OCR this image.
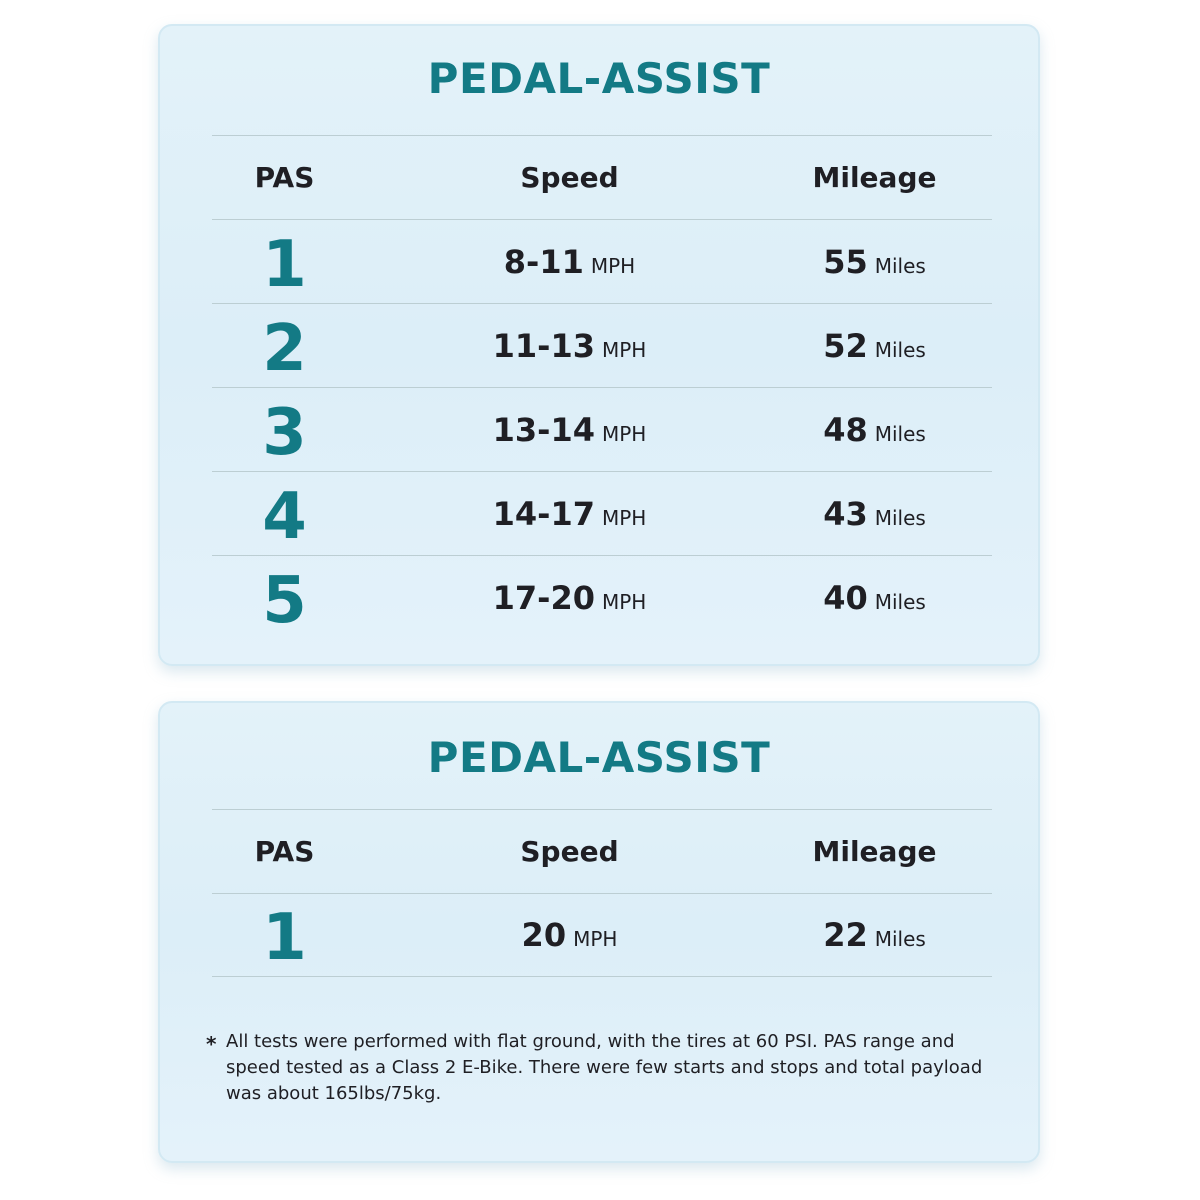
PEDAL-ASSIST
PAS	Speed	Mileage
1	8-11 MPH	55 Miles
2	11-13 MPH	52 Miles
3	13-14 MPH	48 Miles
4	14-17 MPH	43 Miles
5	17-20 MPH	40 Miles
PEDAL-ASSIST
PAS	Speed	Mileage
1	20 MPH	22 Miles
* All tests were performed with flat ground, with the tires at 60 PSI. PAS range and speed tested as a Class 2 E-Bike. There were few starts and stops and total payload was about 165lbs/75kg.
